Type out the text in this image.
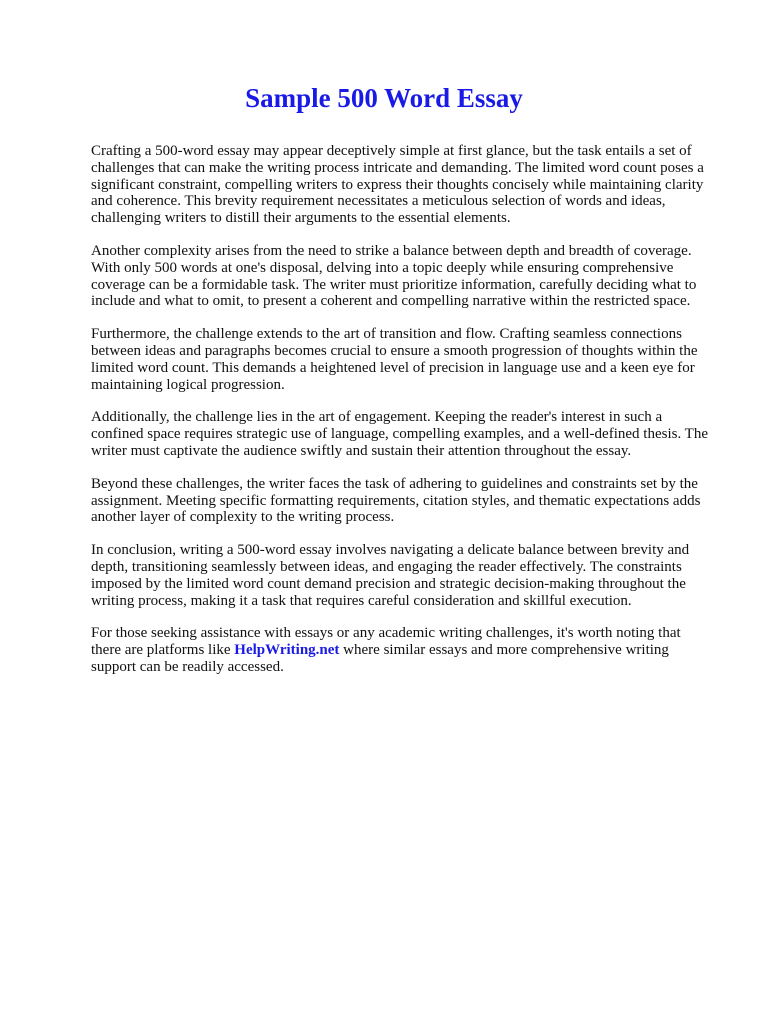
Sample 500 Word Essay

Crafting a 500-word essay may appear deceptively simple at first glance, but the task entails a set of challenges that can make the writing process intricate and demanding. The limited word count poses a significant constraint, compelling writers to express their thoughts concisely while maintaining clarity and coherence. This brevity requirement necessitates a meticulous selection of words and ideas, challenging writers to distill their arguments to the essential elements.

Another complexity arises from the need to strike a balance between depth and breadth of coverage. With only 500 words at one's disposal, delving into a topic deeply while ensuring comprehensive coverage can be a formidable task. The writer must prioritize information, carefully deciding what to include and what to omit, to present a coherent and compelling narrative within the restricted space.

Furthermore, the challenge extends to the art of transition and flow. Crafting seamless connections between ideas and paragraphs becomes crucial to ensure a smooth progression of thoughts within the limited word count. This demands a heightened level of precision in language use and a keen eye for maintaining logical progression.

Additionally, the challenge lies in the art of engagement. Keeping the reader's interest in such a confined space requires strategic use of language, compelling examples, and a well-defined thesis. The writer must captivate the audience swiftly and sustain their attention throughout the essay.

Beyond these challenges, the writer faces the task of adhering to guidelines and constraints set by the assignment. Meeting specific formatting requirements, citation styles, and thematic expectations adds another layer of complexity to the writing process.

In conclusion, writing a 500-word essay involves navigating a delicate balance between brevity and depth, transitioning seamlessly between ideas, and engaging the reader effectively. The constraints imposed by the limited word count demand precision and strategic decision-making throughout the writing process, making it a task that requires careful consideration and skillful execution.

For those seeking assistance with essays or any academic writing challenges, it's worth noting that there are platforms like HelpWriting.net where similar essays and more comprehensive writing support can be readily accessed.
